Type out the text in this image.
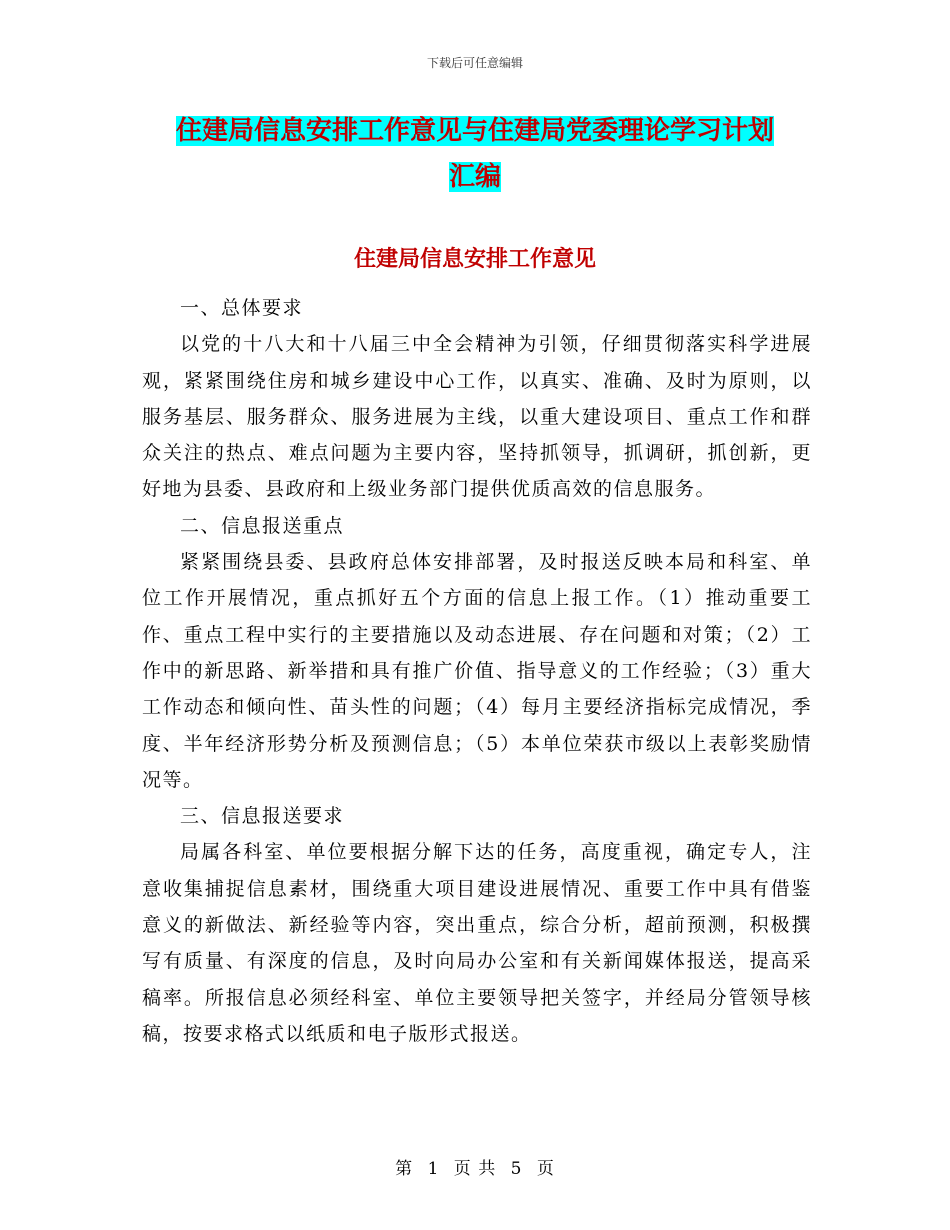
下载后可任意编辑
住建局信息安排工作意见与住建局党委理论学习计划
汇编
住建局信息安排工作意见

一、总体要求

以党的十八大和十八届三中全会精神为引领，仔细贯彻落实科学进展观，紧紧围绕住房和城乡建设中心工作，以真实、准确、及时为原则，以服务基层、服务群众、服务进展为主线，以重大建设项目、重点工作和群众关注的热点、难点问题为主要内容，坚持抓领导，抓调研，抓创新，更好地为县委、县政府和上级业务部门提供优质高效的信息服务。

二、信息报送重点

紧紧围绕县委、县政府总体安排部署，及时报送反映本局和科室、单位工作开展情况，重点抓好五个方面的信息上报工作。（1）推动重要工作、重点工程中实行的主要措施以及动态进展、存在问题和对策；（2）工作中的新思路、新举措和具有推广价值、指导意义的工作经验；（3）重大工作动态和倾向性、苗头性的问题；（4）每月主要经济指标完成情况，季度、半年经济形势分析及预测信息；（5）本单位荣获市级以上表彰奖励情况等。

三、信息报送要求

局属各科室、单位要根据分解下达的任务，高度重视，确定专人，注意收集捕捉信息素材，围绕重大项目建设进展情况、重要工作中具有借鉴意义的新做法、新经验等内容，突出重点，综合分析，超前预测，积极撰写有质量、有深度的信息，及时向局办公室和有关新闻媒体报送，提高采稿率。所报信息必须经科室、单位主要领导把关签字，并经局分管领导核稿，按要求格式以纸质和电子版形式报送。

第 1 页 共 5 页
